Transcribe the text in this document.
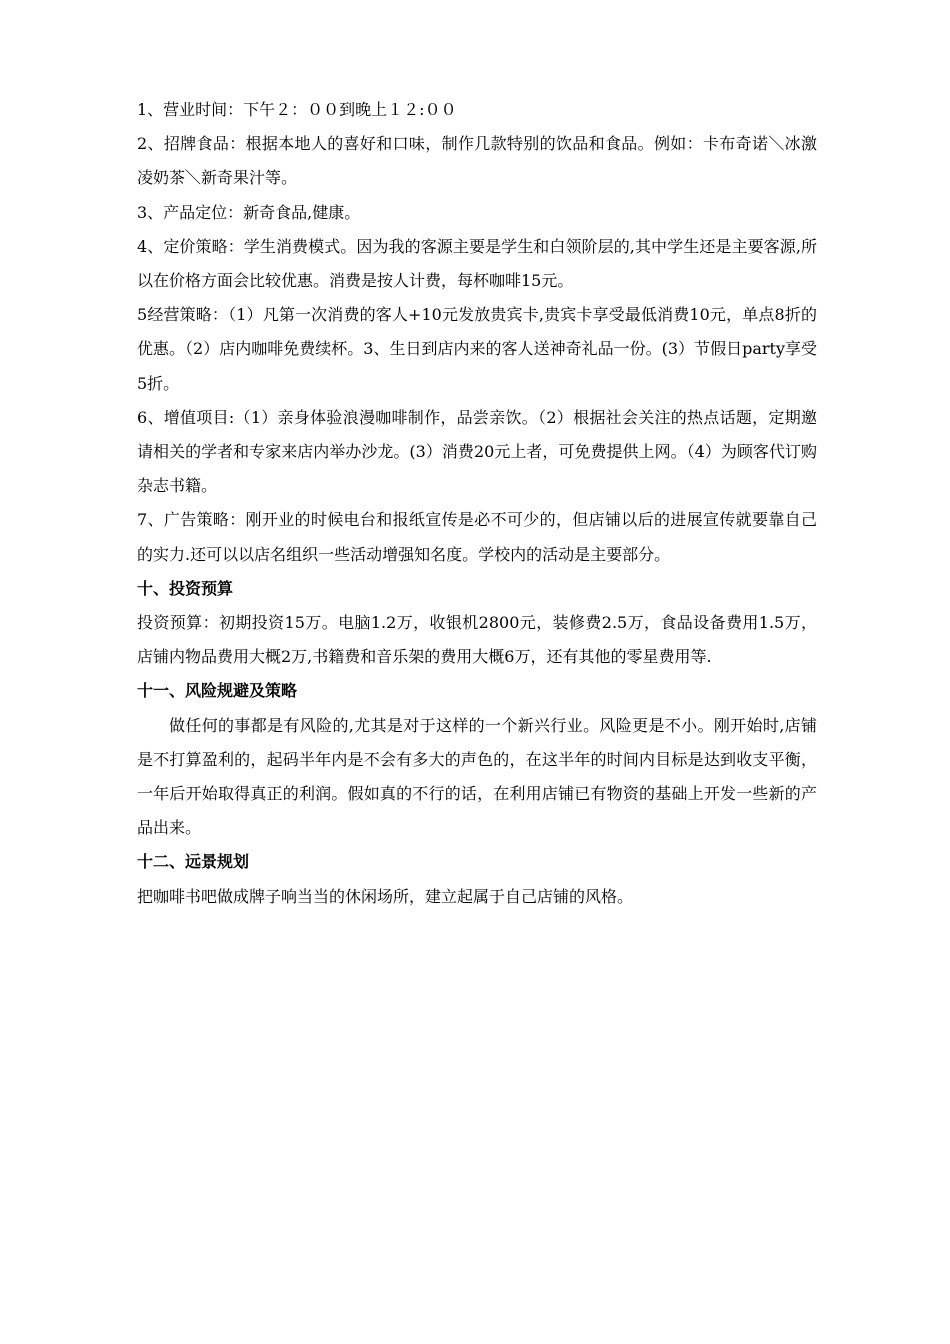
1、营业时间：下午２：００到晚上１２:００

2、招牌食品：根据本地人的喜好和口味，制作几款特别的饮品和食品。例如：卡布奇诺＼冰激凌奶茶＼新奇果汁等。

3、产品定位：新奇食品,健康。

4、定价策略：学生消费模式。因为我的客源主要是学生和白领阶层的,其中学生还是主要客源,所以在价格方面会比较优惠。消费是按人计费，每杯咖啡15元。

5经营策略：（1）凡第一次消费的客人+10元发放贵宾卡,贵宾卡享受最低消费10元，单点8折的优惠。（2）店内咖啡免费续杯。3、生日到店内来的客人送神奇礼品一份。(3）节假日party享受5折。

6、增值项目:（1）亲身体验浪漫咖啡制作，品尝亲饮。（2）根据社会关注的热点话题，定期邀请相关的学者和专家来店内举办沙龙。(3）消费20元上者，可免费提供上网。（4）为顾客代订购杂志书籍。

7、广告策略：刚开业的时候电台和报纸宣传是必不可少的，但店铺以后的进展宣传就要靠自己的实力.还可以以店名组织一些活动增强知名度。学校内的活动是主要部分。

十、投资预算

投资预算：初期投资15万。电脑1.2万，收银机2800元，装修费2.5万，食品设备费用1.5万，店铺内物品费用大概2万,书籍费和音乐架的费用大概6万，还有其他的零星费用等.

十一、风险规避及策略

做任何的事都是有风险的,尤其是对于这样的一个新兴行业。风险更是不小。刚开始时,店铺是不打算盈利的，起码半年内是不会有多大的声色的，在这半年的时间内目标是达到收支平衡，一年后开始取得真正的利润。假如真的不行的话，在利用店铺已有物资的基础上开发一些新的产品出来。

十二、远景规划

把咖啡书吧做成牌子响当当的休闲场所，建立起属于自己店铺的风格。
